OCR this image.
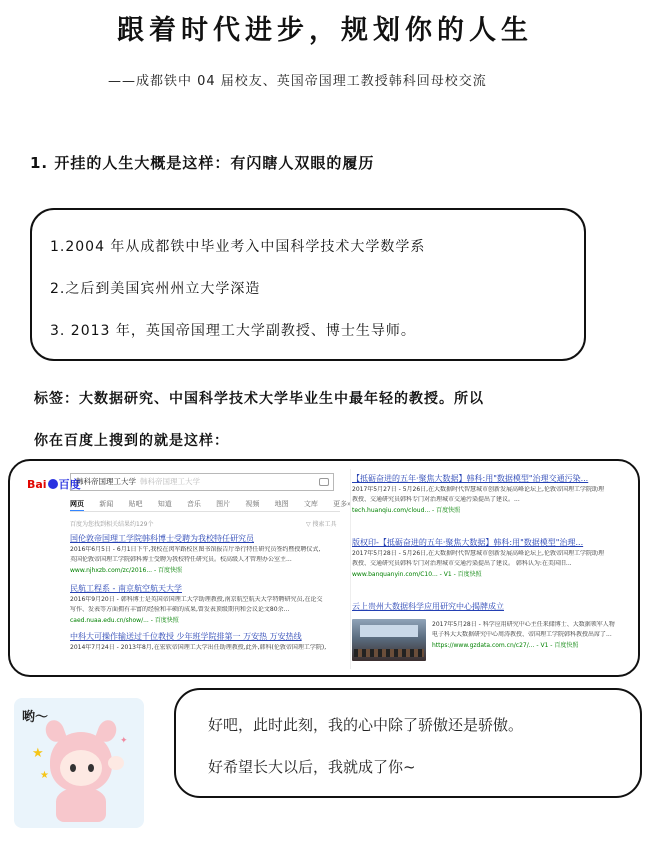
跟着时代进步，规划你的人生
——成都铁中 04 届校友、英国帝国理工教授韩科回母校交流
1. 开挂的人生大概是这样：有闪瞎人双眼的履历
1.2004 年从成都铁中毕业考入中国科学技术大学数学系
2.之后到美国宾州州立大学深造
3. 2013 年，英国帝国理工大学副教授、博士生导师。
标签：大数据研究、中国科学技术大学毕业生中最年轻的教授。所以
你在百度上搜到的就是这样：
Bai 百度
韩科帝国理工大学 韩科帝国理工大学
网页 新闻 贴吧 知道 音乐 图片 视频 地图 文库 更多»
百度为您找到相关结果约129个	▽ 搜索工具
国伦敦帝国理工学院韩科博士受聘为我校特任研究员
2016年6月5日 - 6月1日下午,我校在闵军路校区图书馆报告厅举行特任研究员签约暨授聘仪式,
英国伦敦帝国理工学院韩科博士受聘为我校特任研究员。校高级人才管理办公室主...
www.njhxzb.com/zc/2016... - 百度快照
民航工程系 - 南京航空航天大学
2016年9月20日 - 韩科博士是英国帝国理工大学助理教授,南京航空航天大学特聘研究员,在论交
写作、发表等方面拥有丰富的经验和丰硕的成果,曾发表顶级期刊和会议论文80余...
caed.nuaa.edu.cn/show/... - 百度快照
中科大可操作输送过千位教授 少年班学院排第一 万安热 万安热线
2014年7月24日 - 2013年8月,在宏软帝国理工大学出任助理教授,此外,韩科(伦敦帝国理工学院),
【抵砺奋进的五年·聚焦大数据】韩科:用"数据模型"治理交通污染...
2017年5月27日 - 5月26日,在大数据时代智慧城市创新发展高峰论坛上,伦敦帝国理工学院助理
教授、交通研究员韩科专门对治理城市交通污染提出了建议。...
tech.huanqiu.com/cloud... - 百度快照
版权印-【抵砺奋进的五年·聚焦大数据】韩科:用"数据模型"治理...
2017年5月28日 - 5月26日,在大数据时代智慧城市创新发展高峰论坛上,伦敦帝国理工学院助理
教授、交通研究员韩科专门对治理城市交通污染提出了建议。 韩科认为:在美国旧...
www.banquanyin.com/C10... - V1 - 百度快照
云上贵州大数据科学应用研究中心揭牌成立
2017年5月28日 - 科学应用研究中心主任来储博士、大数据领军人物
电子科大大数据研究中心周涛教授、帝国理工学院韩科教授出席了...
https://www.gzdata.com.cn/c27/... - V1 - 百度快照
哟～
★
★
✦
好吧，此时此刻，我的心中除了骄傲还是骄傲。
好希望长大以后，我就成了你~
